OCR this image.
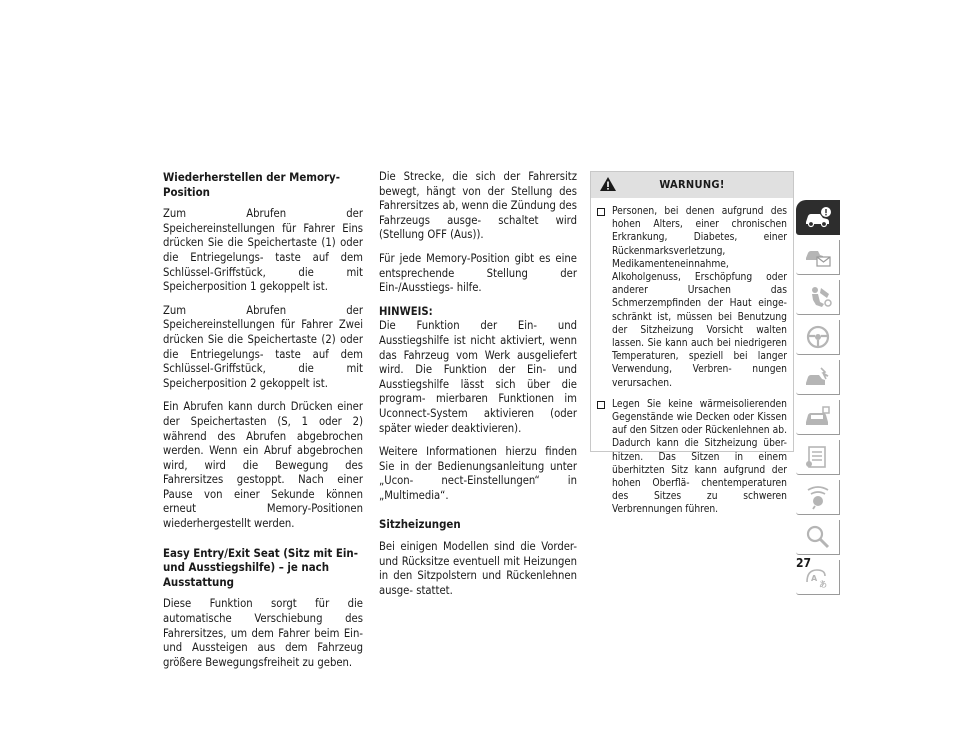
Wiederherstellen der Memory-Position

Zum Abrufen der Speichereinstellungen für Fahrer Eins drücken Sie die Speichertaste (1) oder die Entriegelungs- taste auf dem Schlüssel-Griffstück, die mit Speicherposition 1 gekoppelt ist.

Zum Abrufen der Speichereinstellungen für Fahrer Zwei drücken Sie die Speichertaste (2) oder die Entriegelungs- taste auf dem Schlüssel-Griffstück, die mit Speicherposition 2 gekoppelt ist.

Ein Abrufen kann durch Drücken einer der Speichertasten (S, 1 oder 2) während des Abrufen abgebrochen werden. Wenn ein Abruf abgebrochen wird, wird die Bewegung des Fahrersitzes gestoppt. Nach einer Pause von einer Sekunde können erneut Memory-Positionen wiederhergestellt werden.

Easy Entry/Exit Seat (Sitz mit Ein- und Ausstiegshilfe) – je nach Ausstattung

Diese Funktion sorgt für die automatische Verschiebung des Fahrersitzes, um dem Fahrer beim Ein- und Aussteigen aus dem Fahrzeug größere Bewegungsfreiheit zu geben.

Die Strecke, die sich der Fahrersitz bewegt, hängt von der Stellung des Fahrersitzes ab, wenn die Zündung des Fahrzeugs ausge- schaltet wird (Stellung OFF (Aus)).

Für jede Memory-Position gibt es eine entsprechende Stellung der Ein-/Ausstiegs- hilfe.

HINWEIS:
Die Funktion der Ein- und Ausstiegshilfe ist nicht aktiviert, wenn das Fahrzeug vom Werk ausgeliefert wird. Die Funktion der Ein- und Ausstiegshilfe lässt sich über die program- mierbaren Funktionen im Uconnect-System aktivieren (oder später wieder deaktivieren).

Weitere Informationen hierzu finden Sie in der Bedienungsanleitung unter „Ucon- nect-Einstellungen“ in „Multimedia“.

Sitzheizungen

Bei einigen Modellen sind die Vorder- und Rücksitze eventuell mit Heizungen in den Sitzpolstern und Rückenlehnen ausge- stattet.

WARNUNG!
Personen, bei denen aufgrund des hohen Alters, einer chronischen Erkrankung, Diabetes, einer Rückenmarksverletzung, Medikamenteneinnahme, Alkoholgenuss, Erschöpfung oder anderer Ursachen das Schmerzempfinden der Haut einge- schränkt ist, müssen bei Benutzung der Sitzheizung Vorsicht walten lassen. Sie kann auch bei niedrigeren Temperaturen, speziell bei langer Verwendung, Verbren- nungen verursachen.
Legen Sie keine wärmeisolierenden Gegenstände wie Decken oder Kissen auf den Sitzen oder Rückenlehnen ab. Dadurch kann die Sitzheizung über- hitzen. Das Sitzen in einem überhitzten Sitz kann aufgrund der hohen Oberflä- chentemperaturen des Sitzes zu schweren Verbrennungen führen.
A
あ
27
